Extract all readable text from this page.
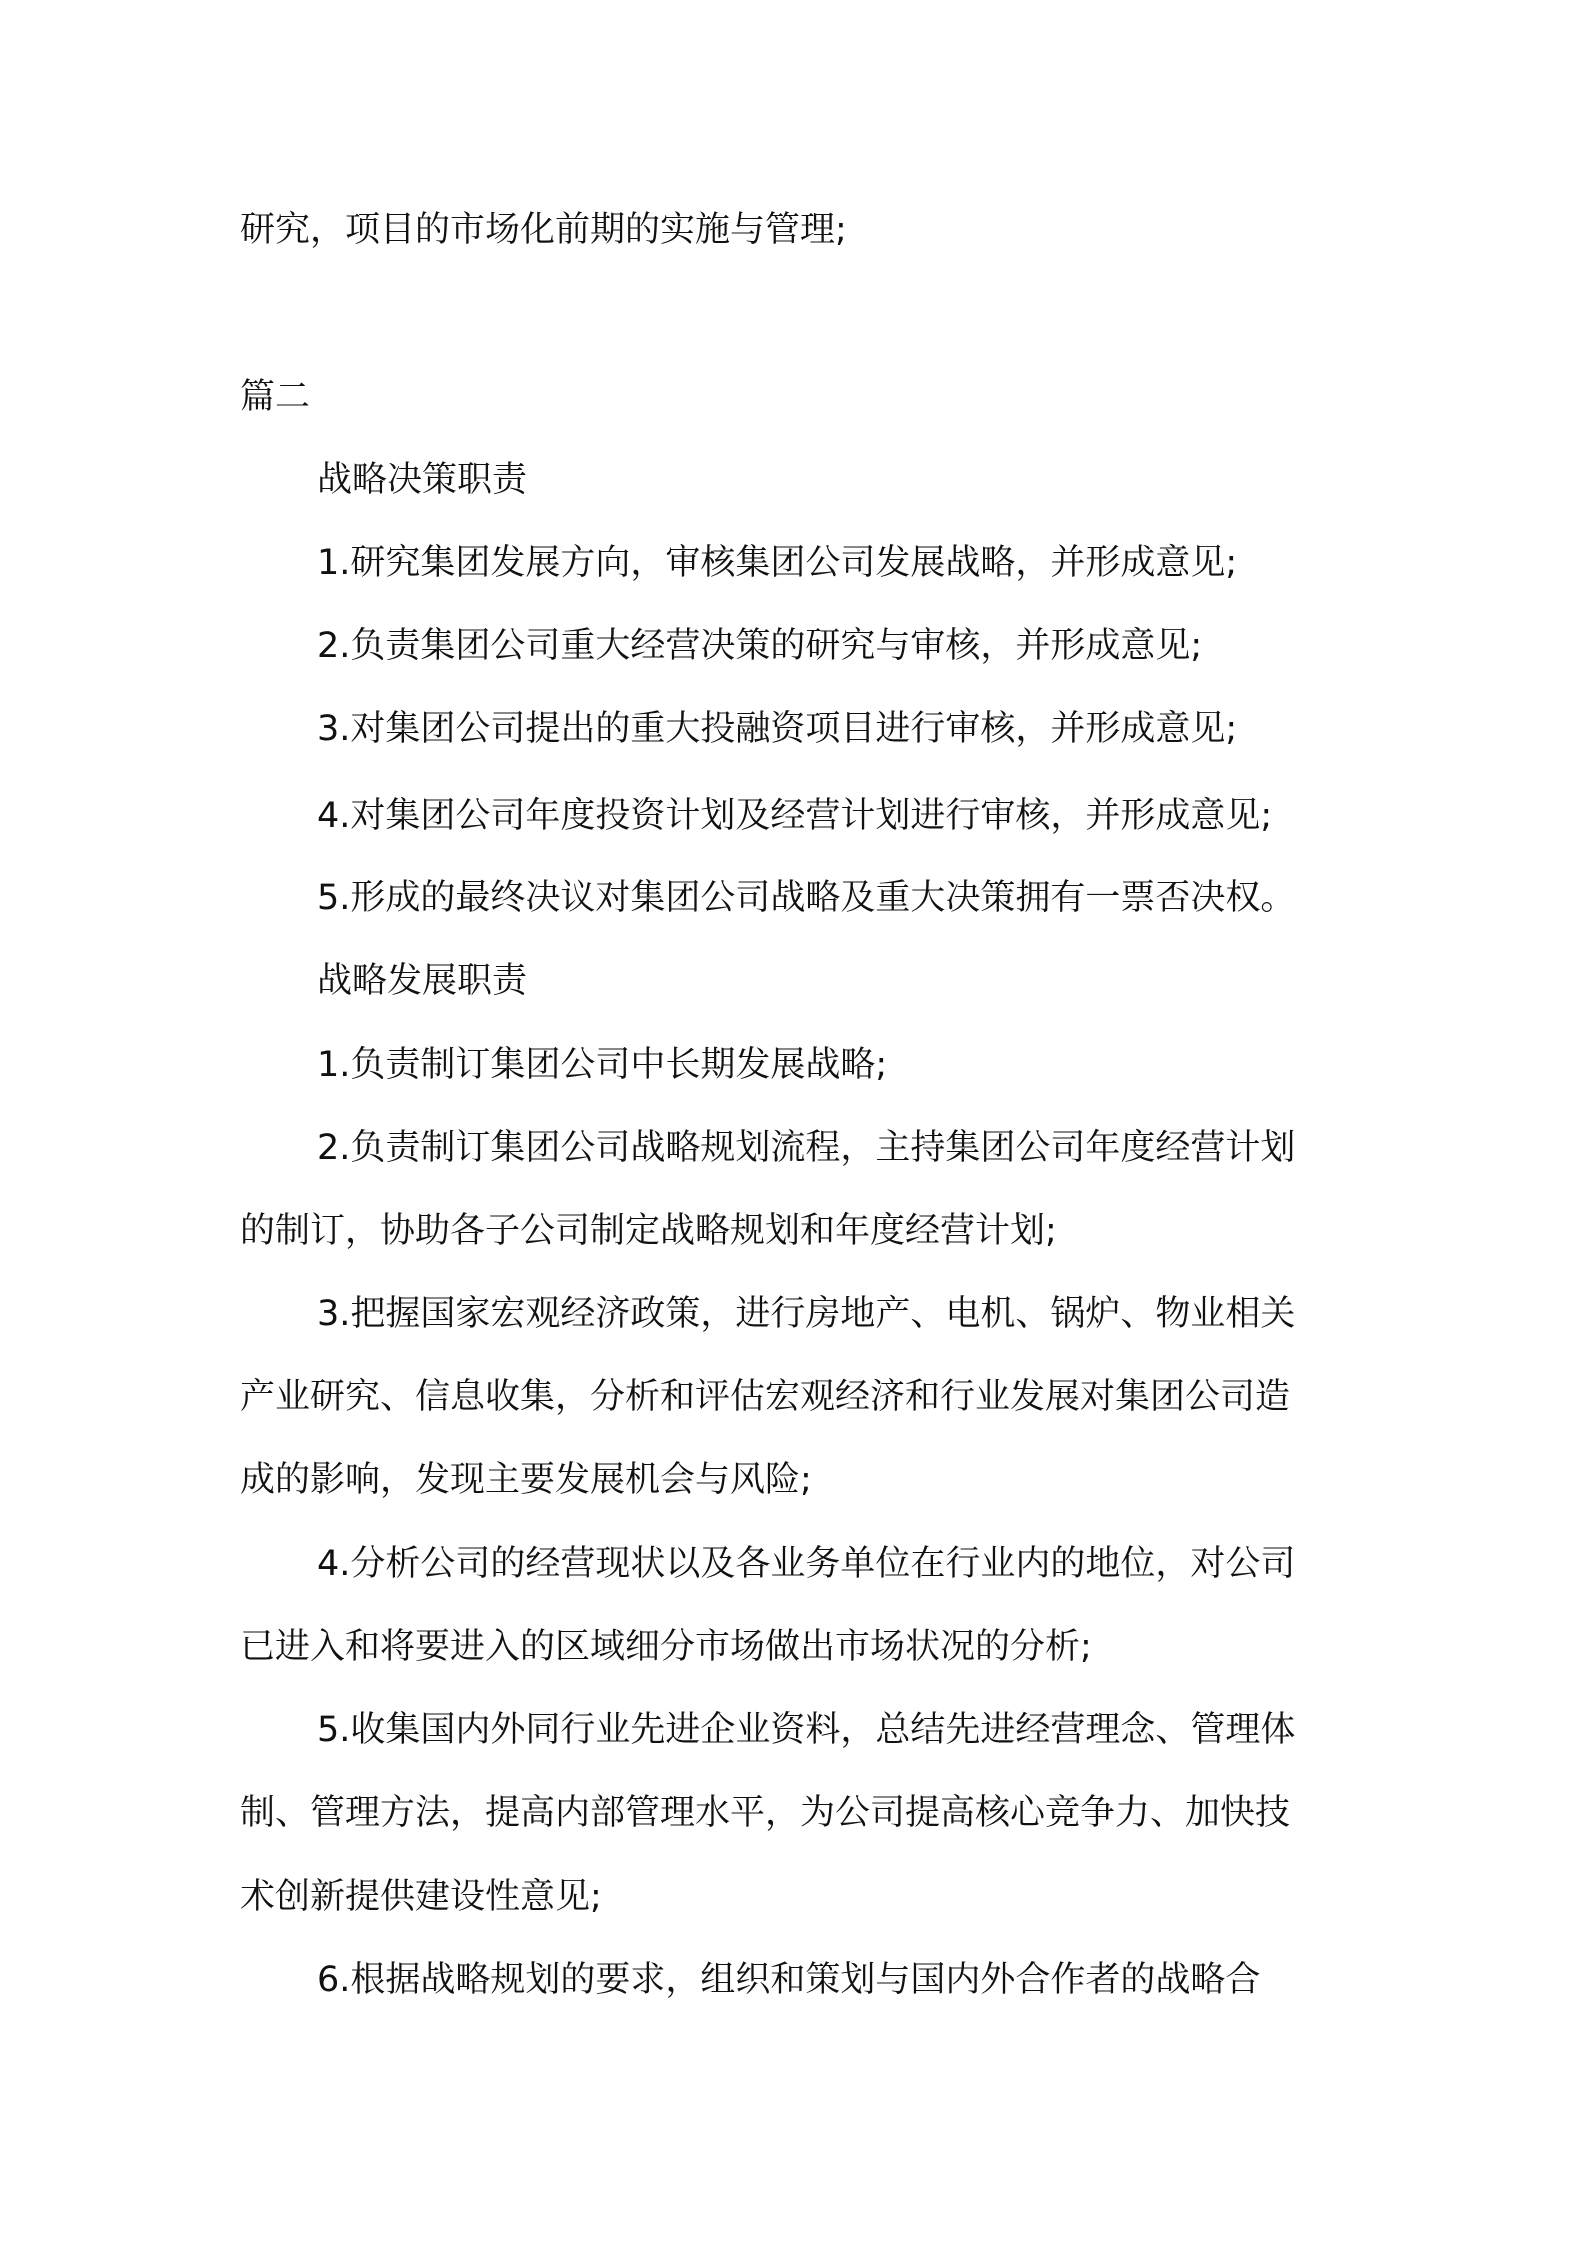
研究，项目的市场化前期的实施与管理;
篇二
战略决策职责
1.研究集团发展方向，审核集团公司发展战略，并形成意见;
2.负责集团公司重大经营决策的研究与审核，并形成意见;
3.对集团公司提出的重大投融资项目进行审核，并形成意见;
4.对集团公司年度投资计划及经营计划进行审核，并形成意见;
5.形成的最终决议对集团公司战略及重大决策拥有一票否决权。
战略发展职责
1.负责制订集团公司中长期发展战略;
2.负责制订集团公司战略规划流程，主持集团公司年度经营计划
的制订，协助各子公司制定战略规划和年度经营计划;
3.把握国家宏观经济政策，进行房地产、电机、锅炉、物业相关
产业研究、信息收集，分析和评估宏观经济和行业发展对集团公司造
成的影响，发现主要发展机会与风险;
4.分析公司的经营现状以及各业务单位在行业内的地位，对公司
已进入和将要进入的区域细分市场做出市场状况的分析;
5.收集国内外同行业先进企业资料，总结先进经营理念、管理体
制、管理方法，提高内部管理水平，为公司提高核心竞争力、加快技
术创新提供建设性意见;
6.根据战略规划的要求，组织和策划与国内外合作者的战略合
